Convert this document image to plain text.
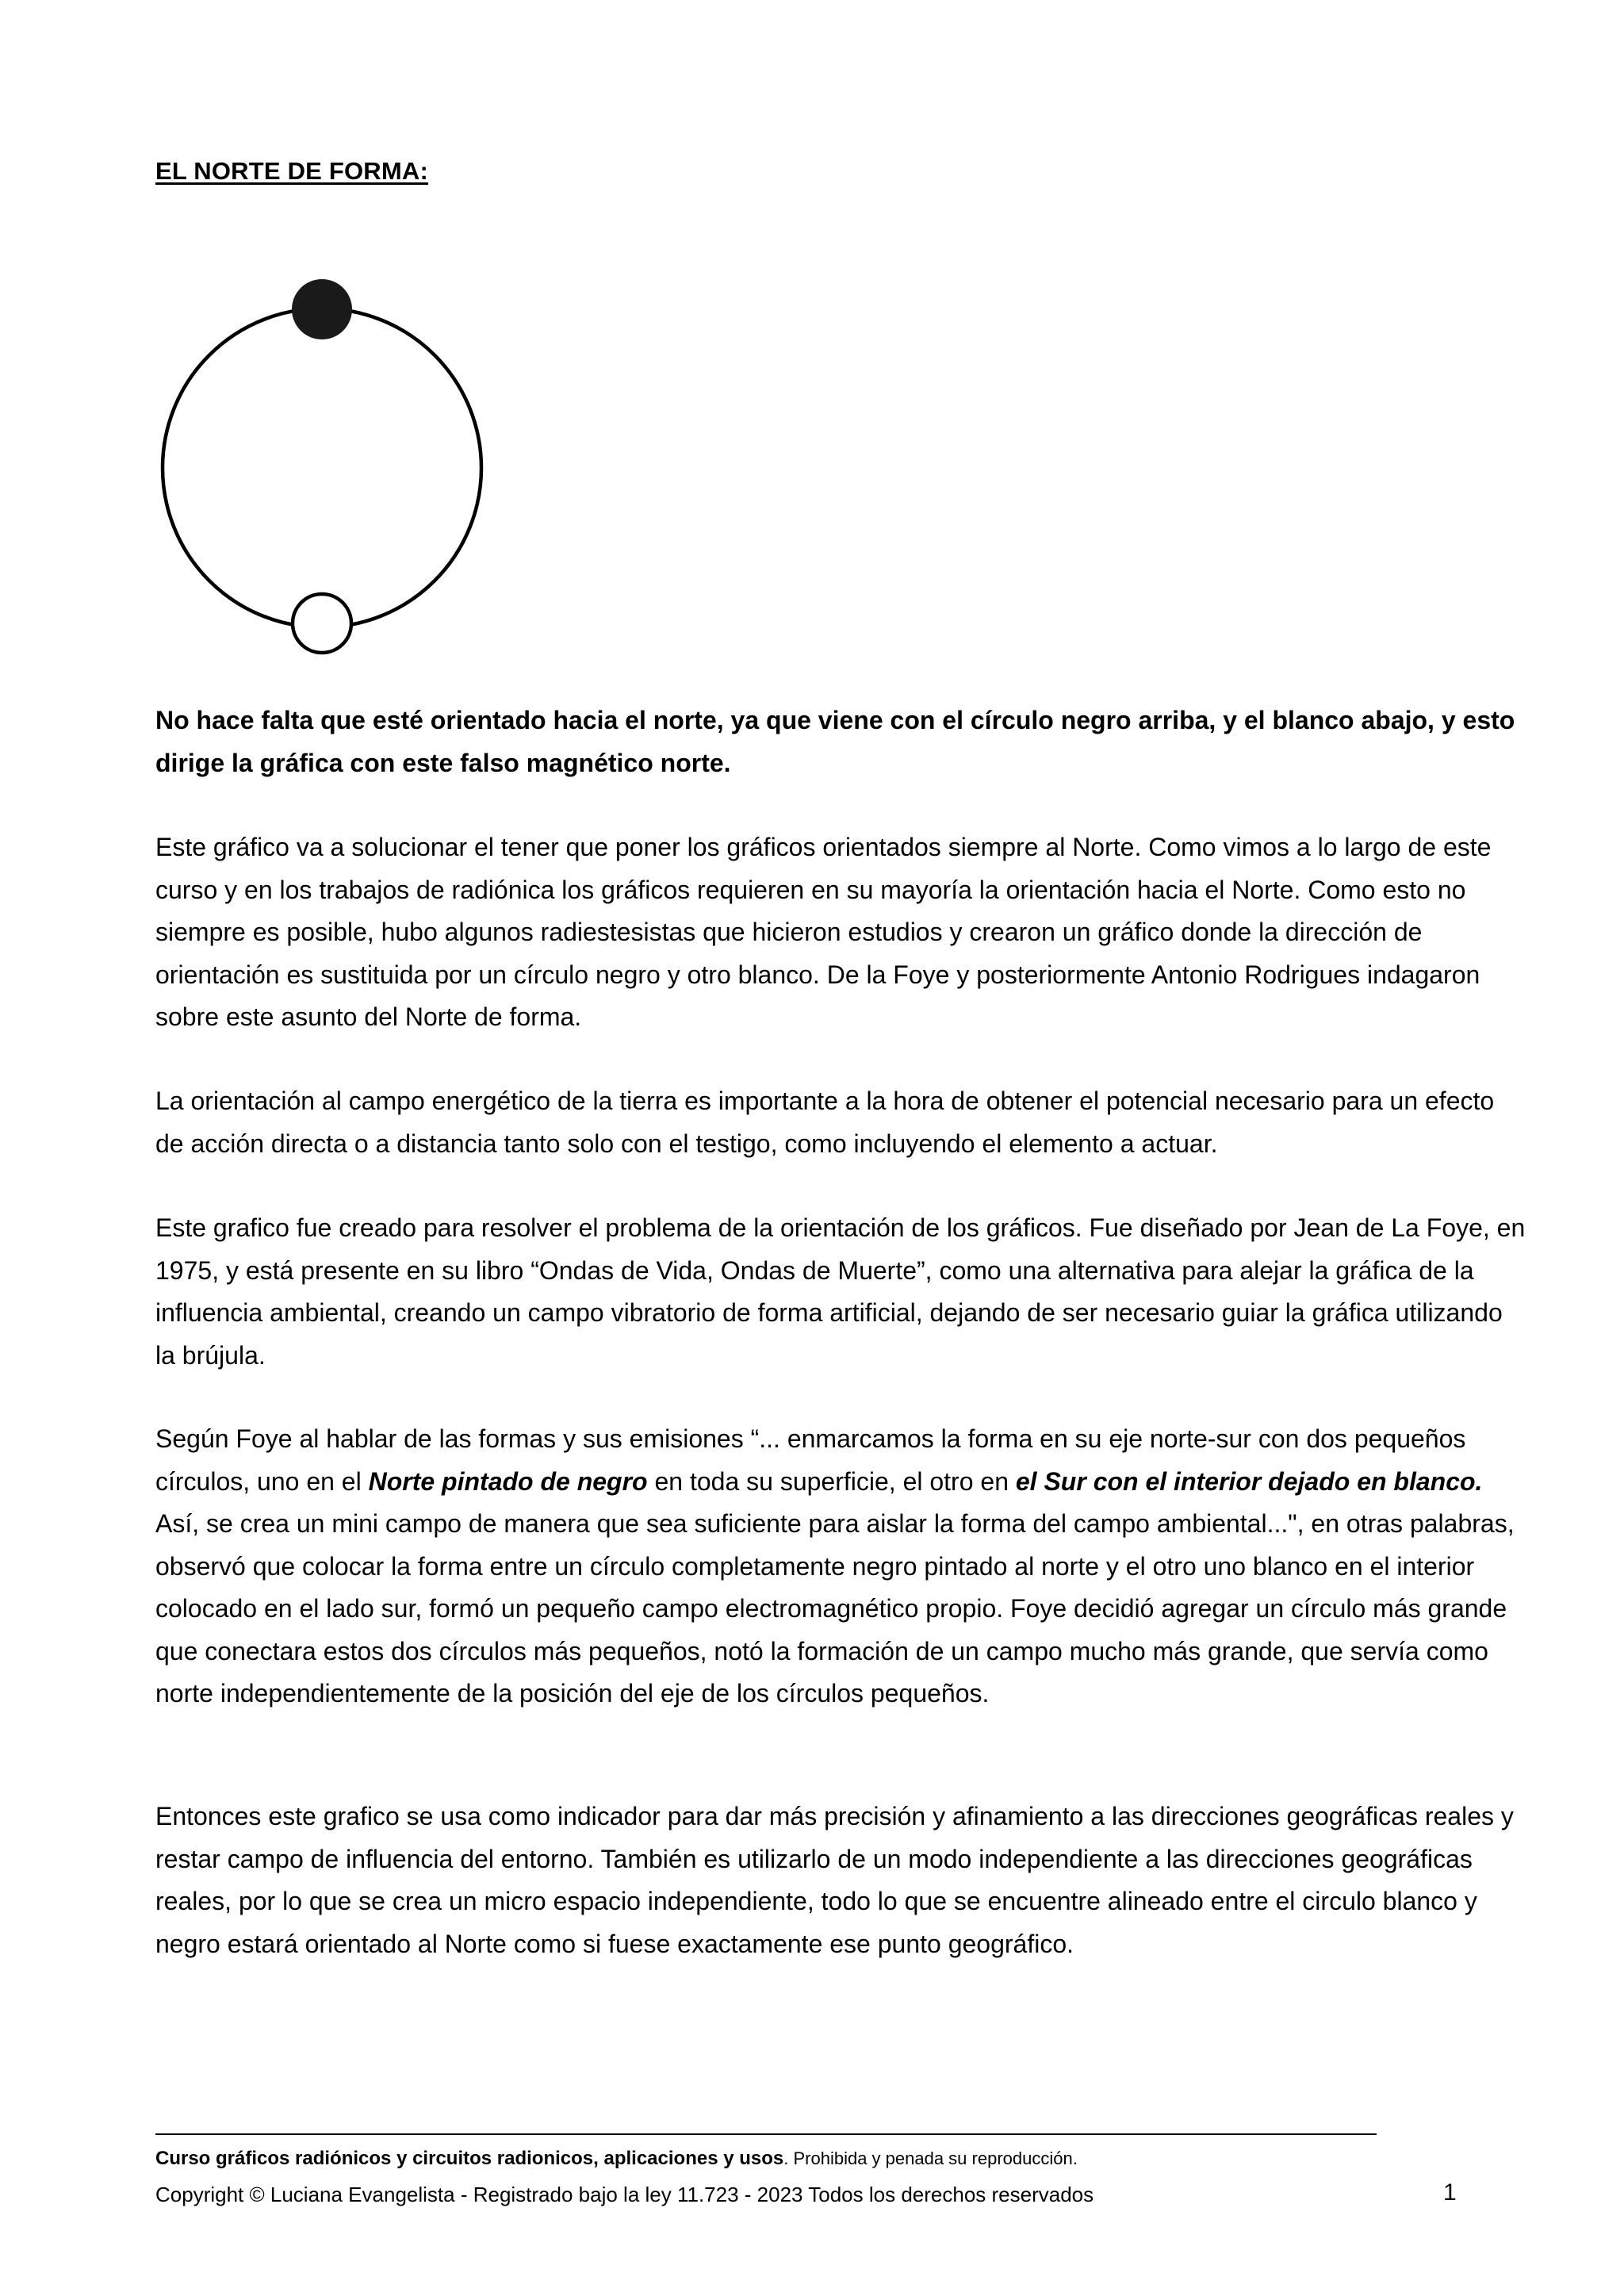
EL NORTE DE FORMA:

No hace falta que esté orientado hacia el norte, ya que viene con el círculo negro arriba, y el blanco abajo, y esto dirige la gráfica con este falso magnético norte.

Este gráfico va a solucionar el tener que poner los gráficos orientados siempre al Norte. Como vimos a lo largo de este curso y en los trabajos de radiónica los gráficos requieren en su mayoría la orientación hacia el Norte. Como esto no siempre es posible, hubo algunos radiestesistas que hicieron estudios y crearon un gráfico donde la dirección de orientación es sustituida por un círculo negro y otro blanco. De la Foye y posteriormente Antonio Rodrigues indagaron sobre este asunto del Norte de forma.

La orientación al campo energético de la tierra es importante a la hora de obtener el potencial necesario para un efecto de acción directa o a distancia tanto solo con el testigo, como incluyendo el elemento a actuar.

Este grafico fue creado para resolver el problema de la orientación de los gráficos. Fue diseñado por Jean de La Foye, en 1975, y está presente en su libro “Ondas de Vida, Ondas de Muerte”, como una alternativa para alejar la gráfica de la influencia ambiental, creando un campo vibratorio de forma artificial, dejando de ser necesario guiar la gráfica utilizando la brújula.

Según Foye al hablar de las formas y sus emisiones “... enmarcamos la forma en su eje norte-sur con dos pequeños círculos, uno en el Norte pintado de negro en toda su superficie, el otro en el Sur con el interior dejado en blanco. Así, se crea un mini campo de manera que sea suficiente para aislar la forma del campo ambiental...", en otras palabras, observó que colocar la forma entre un círculo completamente negro pintado al norte y el otro uno blanco en el interior colocado en el lado sur, formó un pequeño campo electromagnético propio. Foye decidió agregar un círculo más grande que conectara estos dos círculos más pequeños, notó la formación de un campo mucho más grande, que servía como norte independientemente de la posición del eje de los círculos pequeños.

Entonces este grafico se usa como indicador para dar más precisión y afinamiento a las direcciones geográficas reales y restar campo de influencia del entorno. También es utilizarlo de un modo independiente a las direcciones geográficas reales, por lo que se crea un micro espacio independiente, todo lo que se encuentre alineado entre el circulo blanco y negro estará orientado al Norte como si fuese exactamente ese punto geográfico.

Curso gráficos radiónicos y circuitos radionicos, aplicaciones y usos. Prohibida y penada su reproducción.
Copyright © Luciana Evangelista - Registrado bajo la ley 11.723 - 2023 Todos los derechos reservados	1
